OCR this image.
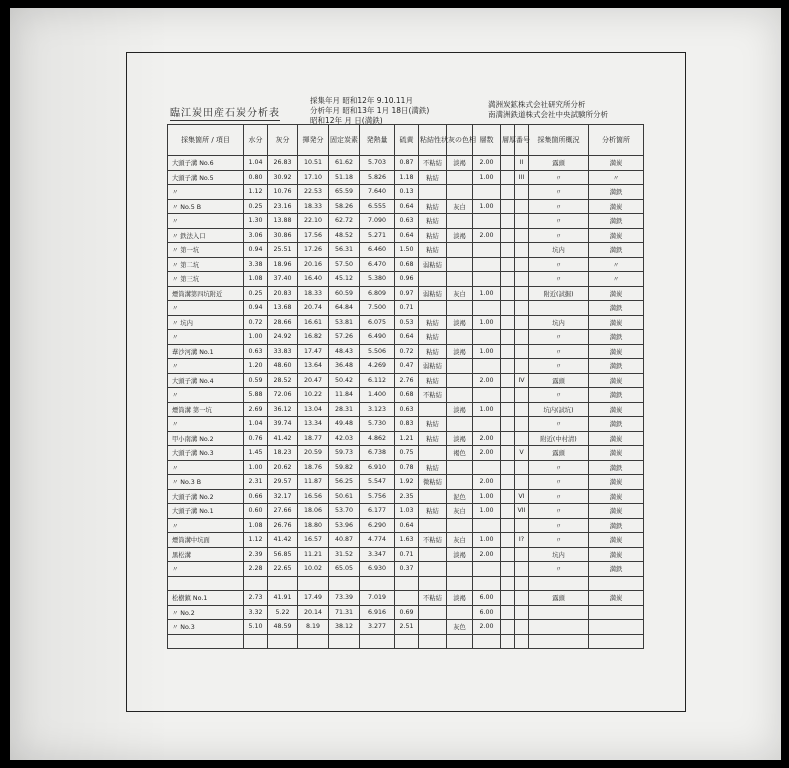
臨江炭田産石炭分析表
採集年月 昭和12年 9.10.11月
分析年月 昭和13年 1月 18日(満鉄)
昭和12年 月 日(満鉄)
満洲炭鉱株式会社研究所分析
南満洲鉄道株式会社中央試験所分析
採集箇所 / 項目	水分	灰分	揮発分	固定炭素	発熱量	硫黄	粘結性状	灰の色相	層数	層厚	番号	採集箇所概況	分析箇所
大頭子溝 No.6	1.04	26.83	10.51	61.62	5.703	0.87	不粘結	淡褐	2.00		II	露頭	満炭
大頭子溝 No.5	0.80	30.92	17.10	51.18	5.826	1.18	粘結		1.00		III	〃	〃
〃	1.12	10.76	22.53	65.59	7.640	0.13						〃	満鉄
〃 No.5 B	0.25	23.16	18.33	58.26	6.555	0.64	粘結	灰白	1.00			〃	満炭
〃	1.30	13.88	22.10	62.72	7.090	0.63	粘結					〃	満鉄
〃 鉄法入口	3.06	30.86	17.56	48.52	5.271	0.64	粘結	淡褐	2.00			〃	満炭
〃 第一坑	0.94	25.51	17.26	56.31	6.460	1.50	粘結					坑内	満鉄
〃 第二坑	3.38	18.96	20.16	57.50	6.470	0.68	弱粘結					〃	〃
〃 第三坑	1.08	37.40	16.40	45.12	5.380	0.96						〃	〃
煙筒溝第四坑附近	0.25	20.83	18.33	60.59	6.809	0.97	弱粘結	灰白	1.00			附近(試掘)	満炭
〃	0.94	13.68	20.74	64.84	7.500	0.71							満鉄
〃 坑内	0.72	28.66	16.61	53.81	6.075	0.53	粘結	淡褐	1.00			坑内	満炭
〃	1.00	24.92	16.82	57.26	6.490	0.64	粘結					〃	満鉄
葦沙河溝 No.1	0.63	33.83	17.47	48.43	5.506	0.72	粘結	淡褐	1.00			〃	満炭
〃	1.20	48.60	13.64	36.48	4.269	0.47	弱粘結					〃	満鉄
大頭子溝 No.4	0.59	28.52	20.47	50.42	6.112	2.76	粘結		2.00		IV	露頭	満炭
〃	5.88	72.06	10.22	11.84	1.400	0.68	不粘結					〃	満鉄
煙筒溝 第一坑	2.69	36.12	13.04	28.31	3.123	0.63		淡褐	1.00			坑内(試坑)	満炭
〃	1.04	39.74	13.34	49.48	5.730	0.83	粘結					〃	満鉄
甲小南溝 No.2	0.76	41.42	18.77	42.03	4.862	1.21	粘結	淡褐	2.00			附近(中村清)	満炭
大頭子溝 No.3	1.45	18.23	20.59	59.73	6.738	0.75		褐色	2.00		V	露頭	満炭
〃	1.00	20.62	18.76	59.82	6.910	0.78	粘結					〃	満鉄
〃 No.3 B	2.31	29.57	11.87	56.25	5.547	1.92	微粘結		2.00			〃	満炭
大頭子溝 No.2	0.66	32.17	16.56	50.61	5.756	2.35		泥色	1.00		VI	〃	満炭
大頭子溝 No.1	0.60	27.66	18.06	53.70	6.177	1.03	粘結	灰白	1.00		VII	〃	満炭
〃	1.08	26.76	18.80	53.96	6.290	0.64						〃	満鉄
煙筒溝中坑面	1.12	41.42	16.57	40.87	4.774	1.63	不粘結	灰白	1.00		I?	〃	満炭
黒松溝	2.39	56.85	11.21	31.52	3.347	0.71		淡褐	2.00			坑内	満炭
〃	2.28	22.65	10.02	65.05	6.930	0.37						〃	満鉄

松樹鎮 No.1	2.73	41.91	17.49	73.39	7.019		不粘結	淡褐	6.00			露頭	満炭
〃 No.2	3.32	5.22	20.14	71.31	6.916	0.69			6.00				
〃 No.3	5.10	48.59	8.19	38.12	3.277	2.51		灰色	2.00				
